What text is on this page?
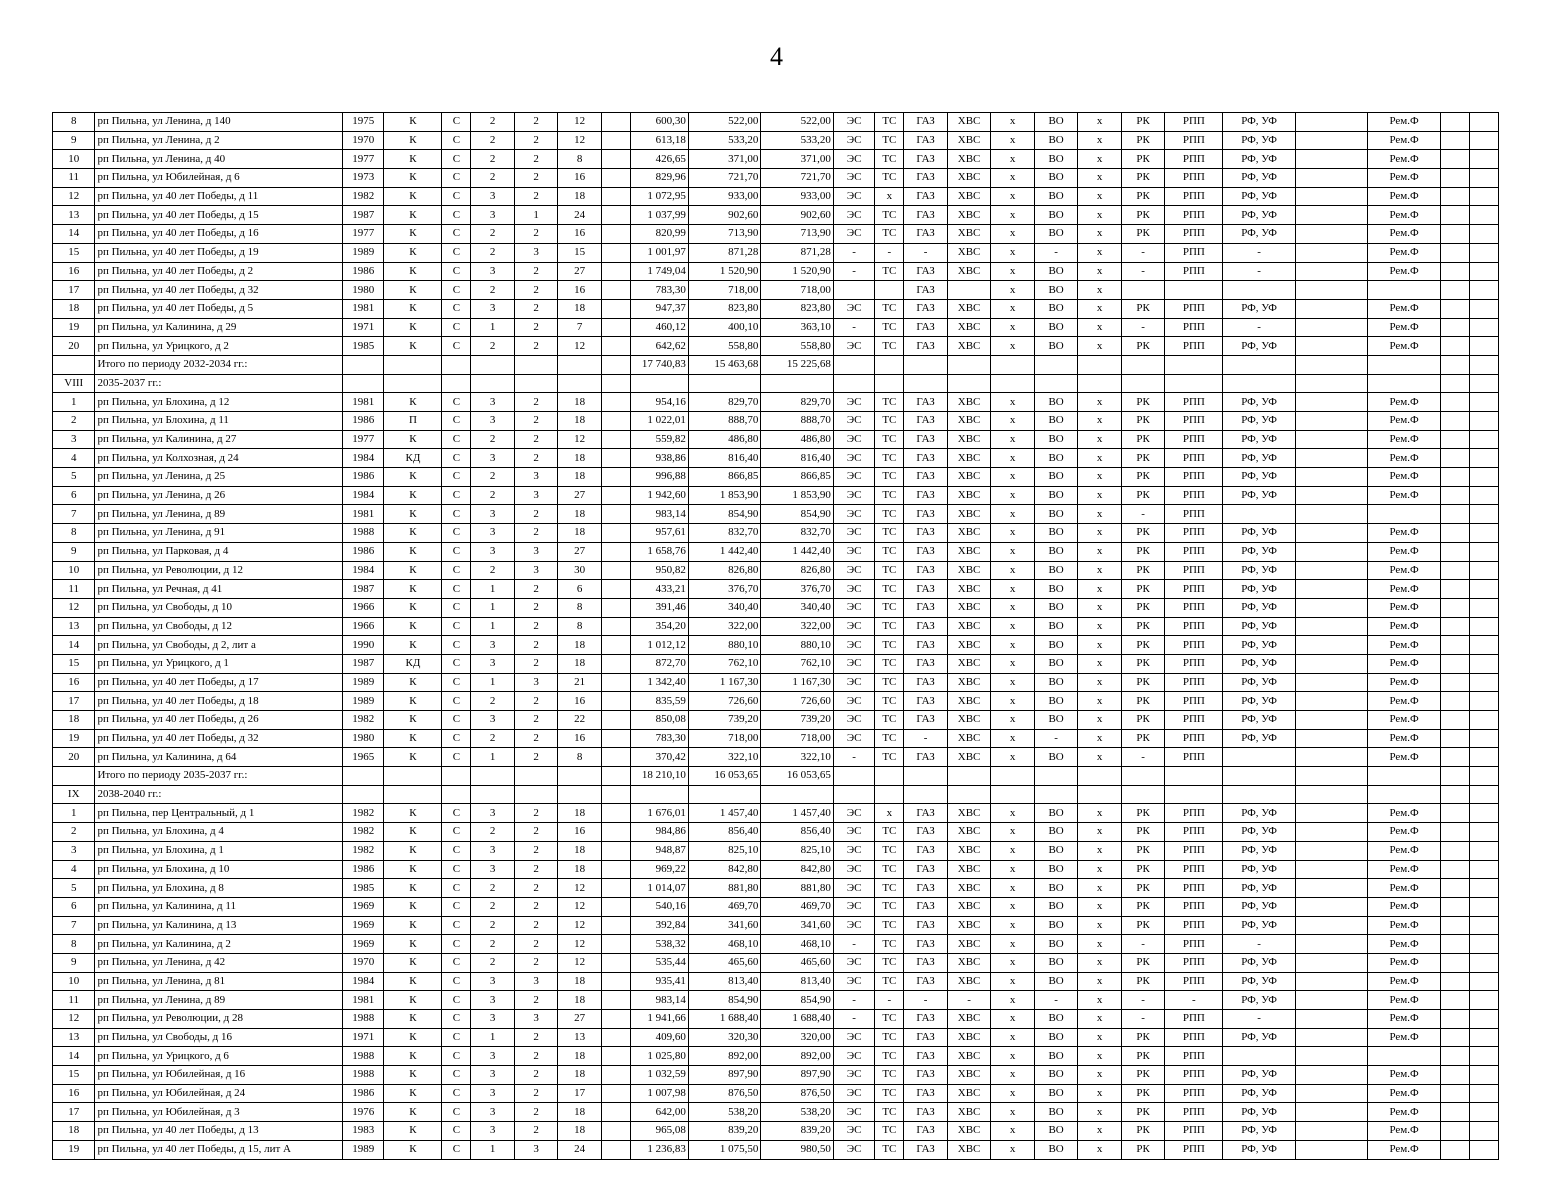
4
8	рп Пильна, ул Ленина, д 140	1975	К	С	2	2	12		600,30	522,00	522,00	ЭС	ТС	ГАЗ	ХВС	х	ВО	х	РК	РПП	РФ, УФ		Рем.Ф		
9	рп Пильна, ул Ленина, д 2	1970	К	С	2	2	12		613,18	533,20	533,20	ЭС	ТС	ГАЗ	ХВС	х	ВО	х	РК	РПП	РФ, УФ		Рем.Ф		
10	рп Пильна, ул Ленина, д 40	1977	К	С	2	2	8		426,65	371,00	371,00	ЭС	ТС	ГАЗ	ХВС	х	ВО	х	РК	РПП	РФ, УФ		Рем.Ф		
11	рп Пильна, ул Юбилейная, д 6	1973	К	С	2	2	16		829,96	721,70	721,70	ЭС	ТС	ГАЗ	ХВС	х	ВО	х	РК	РПП	РФ, УФ		Рем.Ф		
12	рп Пильна, ул 40 лет Победы, д 11	1982	К	С	3	2	18		1 072,95	933,00	933,00	ЭС	х	ГАЗ	ХВС	х	ВО	х	РК	РПП	РФ, УФ		Рем.Ф		
13	рп Пильна, ул 40 лет Победы, д 15	1987	К	С	3	1	24		1 037,99	902,60	902,60	ЭС	ТС	ГАЗ	ХВС	х	ВО	х	РК	РПП	РФ, УФ		Рем.Ф		
14	рп Пильна, ул 40 лет Победы, д 16	1977	К	С	2	2	16		820,99	713,90	713,90	ЭС	ТС	ГАЗ	ХВС	х	ВО	х	РК	РПП	РФ, УФ		Рем.Ф		
15	рп Пильна, ул 40 лет Победы, д 19	1989	К	С	2	3	15		1 001,97	871,28	871,28	-	-	-	ХВС	х	-	х	-	РПП	-		Рем.Ф		
16	рп Пильна, ул 40 лет Победы, д 2	1986	К	С	3	2	27		1 749,04	1 520,90	1 520,90	-	ТС	ГАЗ	ХВС	х	ВО	х	-	РПП	-		Рем.Ф		
17	рп Пильна, ул 40 лет Победы, д 32	1980	К	С	2	2	16		783,30	718,00	718,00			ГАЗ		х	ВО	х							
18	рп Пильна, ул 40 лет Победы, д 5	1981	К	С	3	2	18		947,37	823,80	823,80	ЭС	ТС	ГАЗ	ХВС	х	ВО	х	РК	РПП	РФ, УФ		Рем.Ф		
19	рп Пильна, ул Калинина, д 29	1971	К	С	1	2	7		460,12	400,10	363,10	-	ТС	ГАЗ	ХВС	х	ВО	х	-	РПП	-		Рем.Ф		
20	рп Пильна, ул Урицкого, д 2	1985	К	С	2	2	12		642,62	558,80	558,80	ЭС	ТС	ГАЗ	ХВС	х	ВО	х	РК	РПП	РФ, УФ		Рем.Ф		
	Итого по периоду 2032-2034 гг.:								17 740,83	15 463,68	15 225,68														
VIII	2035-2037 гг.:																								
1	рп Пильна, ул Блохина, д 12	1981	К	С	3	2	18		954,16	829,70	829,70	ЭС	ТС	ГАЗ	ХВС	х	ВО	х	РК	РПП	РФ, УФ		Рем.Ф		
2	рп Пильна, ул Блохина, д 11	1986	П	С	3	2	18		1 022,01	888,70	888,70	ЭС	ТС	ГАЗ	ХВС	х	ВО	х	РК	РПП	РФ, УФ		Рем.Ф		
3	рп Пильна, ул Калинина, д 27	1977	К	С	2	2	12		559,82	486,80	486,80	ЭС	ТС	ГАЗ	ХВС	х	ВО	х	РК	РПП	РФ, УФ		Рем.Ф		
4	рп Пильна, ул Колхозная, д 24	1984	КД	С	3	2	18		938,86	816,40	816,40	ЭС	ТС	ГАЗ	ХВС	х	ВО	х	РК	РПП	РФ, УФ		Рем.Ф		
5	рп Пильна, ул Ленина, д 25	1986	К	С	2	3	18		996,88	866,85	866,85	ЭС	ТС	ГАЗ	ХВС	х	ВО	х	РК	РПП	РФ, УФ		Рем.Ф		
6	рп Пильна, ул Ленина, д 26	1984	К	С	2	3	27		1 942,60	1 853,90	1 853,90	ЭС	ТС	ГАЗ	ХВС	х	ВО	х	РК	РПП	РФ, УФ		Рем.Ф		
7	рп Пильна, ул Ленина, д 89	1981	К	С	3	2	18		983,14	854,90	854,90	ЭС	ТС	ГАЗ	ХВС	х	ВО	х	-	РПП					
8	рп Пильна, ул Ленина, д 91	1988	К	С	3	2	18		957,61	832,70	832,70	ЭС	ТС	ГАЗ	ХВС	х	ВО	х	РК	РПП	РФ, УФ		Рем.Ф		
9	рп Пильна, ул Парковая, д 4	1986	К	С	3	3	27		1 658,76	1 442,40	1 442,40	ЭС	ТС	ГАЗ	ХВС	х	ВО	х	РК	РПП	РФ, УФ		Рем.Ф		
10	рп Пильна, ул Революции, д 12	1984	К	С	2	3	30		950,82	826,80	826,80	ЭС	ТС	ГАЗ	ХВС	х	ВО	х	РК	РПП	РФ, УФ		Рем.Ф		
11	рп Пильна, ул Речная, д 41	1987	К	С	1	2	6		433,21	376,70	376,70	ЭС	ТС	ГАЗ	ХВС	х	ВО	х	РК	РПП	РФ, УФ		Рем.Ф		
12	рп Пильна, ул Свободы, д 10	1966	К	С	1	2	8		391,46	340,40	340,40	ЭС	ТС	ГАЗ	ХВС	х	ВО	х	РК	РПП	РФ, УФ		Рем.Ф		
13	рп Пильна, ул Свободы, д 12	1966	К	С	1	2	8		354,20	322,00	322,00	ЭС	ТС	ГАЗ	ХВС	х	ВО	х	РК	РПП	РФ, УФ		Рем.Ф		
14	рп Пильна, ул Свободы, д 2, лит а	1990	К	С	3	2	18		1 012,12	880,10	880,10	ЭС	ТС	ГАЗ	ХВС	х	ВО	х	РК	РПП	РФ, УФ		Рем.Ф		
15	рп Пильна, ул Урицкого, д 1	1987	КД	С	3	2	18		872,70	762,10	762,10	ЭС	ТС	ГАЗ	ХВС	х	ВО	х	РК	РПП	РФ, УФ		Рем.Ф		
16	рп Пильна, ул 40 лет Победы, д 17	1989	К	С	1	3	21		1 342,40	1 167,30	1 167,30	ЭС	ТС	ГАЗ	ХВС	х	ВО	х	РК	РПП	РФ, УФ		Рем.Ф		
17	рп Пильна, ул 40 лет Победы, д 18	1989	К	С	2	2	16		835,59	726,60	726,60	ЭС	ТС	ГАЗ	ХВС	х	ВО	х	РК	РПП	РФ, УФ		Рем.Ф		
18	рп Пильна, ул 40 лет Победы, д 26	1982	К	С	3	2	22		850,08	739,20	739,20	ЭС	ТС	ГАЗ	ХВС	х	ВО	х	РК	РПП	РФ, УФ		Рем.Ф		
19	рп Пильна, ул 40 лет Победы, д 32	1980	К	С	2	2	16		783,30	718,00	718,00	ЭС	ТС	-	ХВС	х	-	х	РК	РПП	РФ, УФ		Рем.Ф		
20	рп Пильна, ул Калинина, д 64	1965	К	С	1	2	8		370,42	322,10	322,10	-	ТС	ГАЗ	ХВС	х	ВО	х	-	РПП			Рем.Ф		
	Итого по периоду 2035-2037 гг.:								18 210,10	16 053,65	16 053,65														
IX	2038-2040 гг.:																								
1	рп Пильна, пер Центральный, д 1	1982	К	С	3	2	18		1 676,01	1 457,40	1 457,40	ЭС	х	ГАЗ	ХВС	х	ВО	х	РК	РПП	РФ, УФ		Рем.Ф		
2	рп Пильна, ул Блохина, д 4	1982	К	С	2	2	16		984,86	856,40	856,40	ЭС	ТС	ГАЗ	ХВС	х	ВО	х	РК	РПП	РФ, УФ		Рем.Ф		
3	рп Пильна, ул Блохина, д 1	1982	К	С	3	2	18		948,87	825,10	825,10	ЭС	ТС	ГАЗ	ХВС	х	ВО	х	РК	РПП	РФ, УФ		Рем.Ф		
4	рп Пильна, ул Блохина, д 10	1986	К	С	3	2	18		969,22	842,80	842,80	ЭС	ТС	ГАЗ	ХВС	х	ВО	х	РК	РПП	РФ, УФ		Рем.Ф		
5	рп Пильна, ул Блохина, д 8	1985	К	С	2	2	12		1 014,07	881,80	881,80	ЭС	ТС	ГАЗ	ХВС	х	ВО	х	РК	РПП	РФ, УФ		Рем.Ф		
6	рп Пильна, ул Калинина, д 11	1969	К	С	2	2	12		540,16	469,70	469,70	ЭС	ТС	ГАЗ	ХВС	х	ВО	х	РК	РПП	РФ, УФ		Рем.Ф		
7	рп Пильна, ул Калинина, д 13	1969	К	С	2	2	12		392,84	341,60	341,60	ЭС	ТС	ГАЗ	ХВС	х	ВО	х	РК	РПП	РФ, УФ		Рем.Ф		
8	рп Пильна, ул Калинина, д 2	1969	К	С	2	2	12		538,32	468,10	468,10	-	ТС	ГАЗ	ХВС	х	ВО	х	-	РПП	-		Рем.Ф		
9	рп Пильна, ул Ленина, д 42	1970	К	С	2	2	12		535,44	465,60	465,60	ЭС	ТС	ГАЗ	ХВС	х	ВО	х	РК	РПП	РФ, УФ		Рем.Ф		
10	рп Пильна, ул Ленина, д 81	1984	К	С	3	3	18		935,41	813,40	813,40	ЭС	ТС	ГАЗ	ХВС	х	ВО	х	РК	РПП	РФ, УФ		Рем.Ф		
11	рп Пильна, ул Ленина, д 89	1981	К	С	3	2	18		983,14	854,90	854,90	-	-	-	-	х	-	х	-	-	РФ, УФ		Рем.Ф		
12	рп Пильна, ул Революции, д 28	1988	К	С	3	3	27		1 941,66	1 688,40	1 688,40	-	ТС	ГАЗ	ХВС	х	ВО	х	-	РПП	-		Рем.Ф		
13	рп Пильна, ул Свободы, д 16	1971	К	С	1	2	13		409,60	320,30	320,00	ЭС	ТС	ГАЗ	ХВС	х	ВО	х	РК	РПП	РФ, УФ		Рем.Ф		
14	рп Пильна, ул Урицкого, д 6	1988	К	С	3	2	18		1 025,80	892,00	892,00	ЭС	ТС	ГАЗ	ХВС	х	ВО	х	РК	РПП					
15	рп Пильна, ул Юбилейная, д 16	1988	К	С	3	2	18		1 032,59	897,90	897,90	ЭС	ТС	ГАЗ	ХВС	х	ВО	х	РК	РПП	РФ, УФ		Рем.Ф		
16	рп Пильна, ул Юбилейная, д 24	1986	К	С	3	2	17		1 007,98	876,50	876,50	ЭС	ТС	ГАЗ	ХВС	х	ВО	х	РК	РПП	РФ, УФ		Рем.Ф		
17	рп Пильна, ул Юбилейная, д 3	1976	К	С	3	2	18		642,00	538,20	538,20	ЭС	ТС	ГАЗ	ХВС	х	ВО	х	РК	РПП	РФ, УФ		Рем.Ф		
18	рп Пильна, ул 40 лет Победы, д 13	1983	К	С	3	2	18		965,08	839,20	839,20	ЭС	ТС	ГАЗ	ХВС	х	ВО	х	РК	РПП	РФ, УФ		Рем.Ф		
19	рп Пильна, ул 40 лет Победы, д 15, лит А	1989	К	С	1	3	24		1 236,83	1 075,50	980,50	ЭС	ТС	ГАЗ	ХВС	х	ВО	х	РК	РПП	РФ, УФ		Рем.Ф		
